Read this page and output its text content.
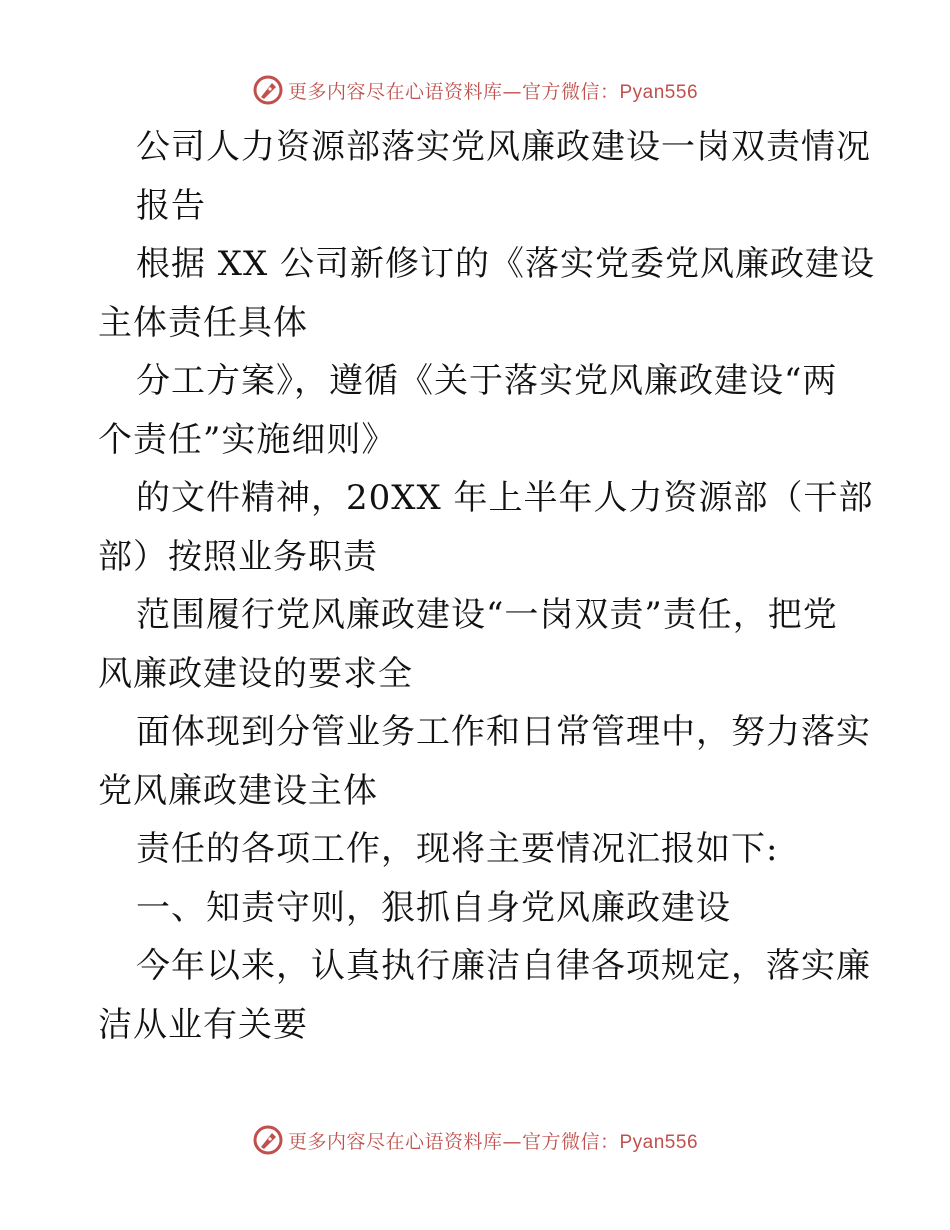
更多内容尽在心语资料库—官方微信：Pyan556
公司人力资源部落实党风廉政建设一岗双责情况
报告
根据 XX 公司新修订的《落实党委党风廉政建设
主体责任具体
分工方案》，遵循《关于落实党风廉政建设“两
个责任”实施细则》
的文件精神，20XX 年上半年人力资源部（干部
部）按照业务职责
范围履行党风廉政建设“一岗双责”责任，把党
风廉政建设的要求全
面体现到分管业务工作和日常管理中，努力落实
党风廉政建设主体
责任的各项工作，现将主要情况汇报如下:
一、知责守则，狠抓自身党风廉政建设
今年以来，认真执行廉洁自律各项规定，落实廉
洁从业有关要
更多内容尽在心语资料库—官方微信：Pyan556
